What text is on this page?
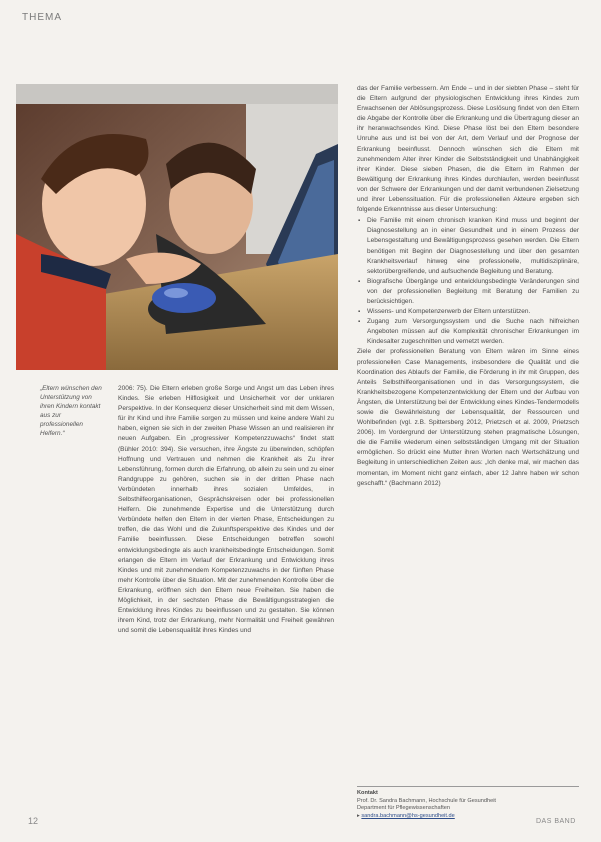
THEMA
„Eltern wünschen den Unterstützung von ihren Kindern kontakt aus zur professionellen Helfern.“

2006: 75). Die Eltern erleben große Sorge und Angst um das Leben ihres Kindes. Sie erleben Hilflosigkeit und Unsicherheit vor der unklaren Perspektive. In der Konsequenz dieser Unsicherheit sind mit dem Wissen, für ihr Kind und ihre Familie sorgen zu müssen und keine andere Wahl zu haben, eignen sie sich in der zweiten Phase Wissen an und realisieren ihr neuen Aufgaben. Ein „progressiver Kompetenzzuwachs“ findet statt (Bühler 2010: 394). Sie versuchen, ihre Ängste zu überwinden, schöpfen Hoffnung und Vertrauen und nehmen die Krankheit als Zu ihrer Lebensführung, formen durch die Erfahrung, ob allein zu sein und zu einer Randgruppe zu gehören, suchen sie in der dritten Phase nach Verbündeten innerhalb ihres sozialen Umfeldes, in Selbsthilfeorganisationen, Gesprächskreisen oder bei professionellen Helfern. Die zunehmende Expertise und die Unterstützung durch Verbündete helfen den Eltern in der vierten Phase, Entscheidungen zu treffen, die das Wohl und die Zukunftsperspektive des Kindes und der Familie beeinflussen. Diese Entscheidungen betreffen sowohl entwicklungsbedingte als auch krankheitsbedingte Entscheidungen. Somit erlangen die Eltern im Verlauf der Erkrankung und Entwicklung ihres Kindes und mit zunehmendem Kompetenzzuwachs in der fünften Phase mehr Kontrolle über die Situation. Mit der zunehmenden Kontrolle über die Erkrankung, eröffnen sich den Eltern neue Freiheiten. Sie haben die Möglichkeit, in der sechsten Phase die Bewältigungsstrategien die Entwicklung ihres Kindes zu beeinflussen und zu gestalten. Sie können ihrem Kind, trotz der Erkrankung, mehr Normalität und Freiheit gewähren und somit die Lebensqualität ihres Kindes und

das der Familie verbessern. Am Ende – und in der siebten Phase – steht für die Eltern aufgrund der physiologischen Entwicklung ihres Kindes zum Erwachsenen der Ablösungsprozess. Diese Loslösung findet von den Eltern die Abgabe der Kontrolle über die Erkrankung und die Übertragung dieser an ihr heranwachsendes Kind. Diese Phase löst bei den Eltern besondere Unruhe aus und ist bei von der Art, dem Verlauf und der Prognose der Erkrankung beeinflusst. Dennoch wünschen sich die Eltern mit zunehmendem Alter ihrer Kinder die Selbstständigkeit und Unabhängigkeit ihrer Kinder. Diese sieben Phasen, die die Eltern im Rahmen der Bewältigung der Erkrankung ihres Kindes durchlaufen, werden beeinflusst von der Schwere der Erkrankungen und der damit verbundenen Zielsetzung und ihrer Lebenssituation. Für die professionellen Akteure ergeben sich folgende Erkenntnisse aus dieser Untersuchung:

▪ Die Familie mit einem chronisch kranken Kind muss und beginnt der Diagnosestellung an in einer Gesundheit und in einem Prozess der Lebensgestaltung und Bewältigungsprozess gesehen werden. Die Eltern benötigen mit Beginn der Diagnosestellung und über den gesamten Krankheitsverlauf hinweg eine professionelle, multidisziplinäre, sektorübergreifende, und aufsuchende Begleitung und Beratung.
▪ Biografische Übergänge und entwicklungsbedingte Veränderungen sind von der professionellen Begleitung mit Beratung der Familien zu berücksichtigen.
▪ Wissens- und Kompetenzerwerb der Eltern unterstützen.
▪ Zugang zum Versorgungssystem und die Suche nach hilfreichen Angeboten müssen auf die Komplexität chronischer Erkrankungen im Kindesalter zugeschnitten und vernetzt werden.

Ziele der professionellen Beratung von Eltern wären im Sinne eines professionellen Case Managements, insbesondere die Qualität und die Koordination des Ablaufs der Familie, die Förderung in ihr mit Gruppen, des Anteils Selbsthilfeorganisationen und in das Versorgungssystem, die Krankheitsbezogene Kompetenzentwicklung der Eltern und der Aufbau von Ängsten, die Unterstützung bei der Entwicklung eines Kindes-Tendermodells sowie die Gewährleistung der Lebensqualität, der Ressourcen und Wohlbefinden (vgl. z.B. Spittersberg 2012, Prietzsch et al. 2009, Prietzsch 2006). Im Vordergrund der Unterstützung stehen pragmatische Lösungen, die die Familie wiederum einen selbstständigen Umgang mit der Situation ermöglichen. So drückt eine Mutter ihren Worten nach Wertschätzung und Begleitung in unterschiedlichen Zeiten aus: „Ich denke mal, wir machen das momentan, im Moment nicht ganz einfach, aber 12 Jahre haben wir schon geschafft.“ (Bachmann 2012)

Kontakt
Prof. Dr. Sandra Bachmann, Hochschule für Gesundheit
Department für Pflegewissenschaften
▸ sandra.bachmann@hs-gesundheit.de
12	DAS BAND
